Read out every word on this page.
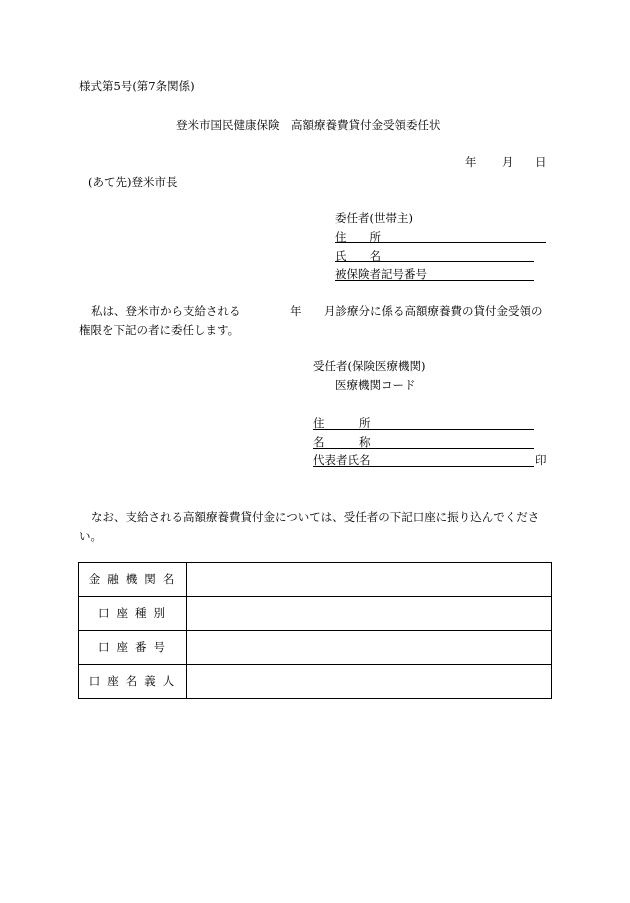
様式第5号(第7条関係)
登米市国民健康保険　高額療養費貸付金受領委任状
年 月 日
(あて先)登米市長
委任者(世帯主)
住　　所
氏　　名
被保険者記号番号
私は、登米市から支給される	年 月診療分に係る高額療養費の貸付金受領の
権限を下記の者に委任します。
受任者(保険医療機関)
医療機関コード
住　　　所
名　　　称
代表者氏名	印
なお、支給される高額療養費貸付金については、受任者の下記口座に振り込んでくださ
い。
金融機関名	
口座種別	
口座番号	
口座名義人	
